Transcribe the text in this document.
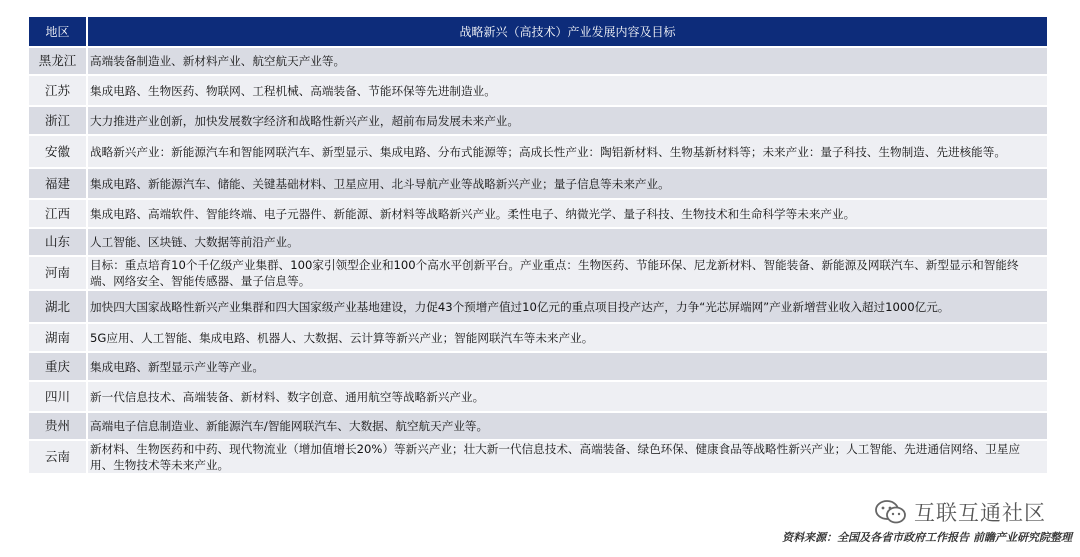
地区	战略新兴（高技术）产业发展内容及目标
黑龙江	高端装备制造业、新材料产业、航空航天产业等。
江苏	集成电路、生物医药、物联网、工程机械、高端装备、节能环保等先进制造业。
浙江	大力推进产业创新，加快发展数字经济和战略性新兴产业，超前布局发展未来产业。
安徽	战略新兴产业：新能源汽车和智能网联汽车、新型显示、集成电路、分布式能源等；高成长性产业：陶铝新材料、生物基新材料等；未来产业：量子科技、生物制造、先进核能等。
福建	集成电路、新能源汽车、储能、关键基础材料、卫星应用、北斗导航产业等战略新兴产业；量子信息等未来产业。
江西	集成电路、高端软件、智能终端、电子元器件、新能源、新材料等战略新兴产业。柔性电子、纳微光学、量子科技、生物技术和生命科学等未来产业。
山东	人工智能、区块链、大数据等前沿产业。
河南	目标：重点培育10个千亿级产业集群、100家引领型企业和100个高水平创新平台。产业重点：生物医药、节能环保、尼龙新材料、智能装备、新能源及网联汽车、新型显示和智能终端、网络安全、智能传感器、量子信息等。
湖北	加快四大国家战略性新兴产业集群和四大国家级产业基地建设，力促43个预增产值过10亿元的重点项目投产达产，力争“光芯屏端网”产业新增营业收入超过1000亿元。
湖南	5G应用、人工智能、集成电路、机器人、大数据、云计算等新兴产业；智能网联汽车等未来产业。
重庆	集成电路、新型显示产业等产业。
四川	新一代信息技术、高端装备、新材料、数字创意、通用航空等战略新兴产业。
贵州	高端电子信息制造业、新能源汽车/智能网联汽车、大数据、航空航天产业等。
云南	新材料、生物医药和中药、现代物流业（增加值增长20%）等新兴产业；壮大新一代信息技术、高端装备、绿色环保、健康食品等战略性新兴产业；人工智能、先进通信网络、卫星应用、生物技术等未来产业。
互联互通社区
资料来源：全国及各省市政府工作报告 前瞻产业研究院整理
